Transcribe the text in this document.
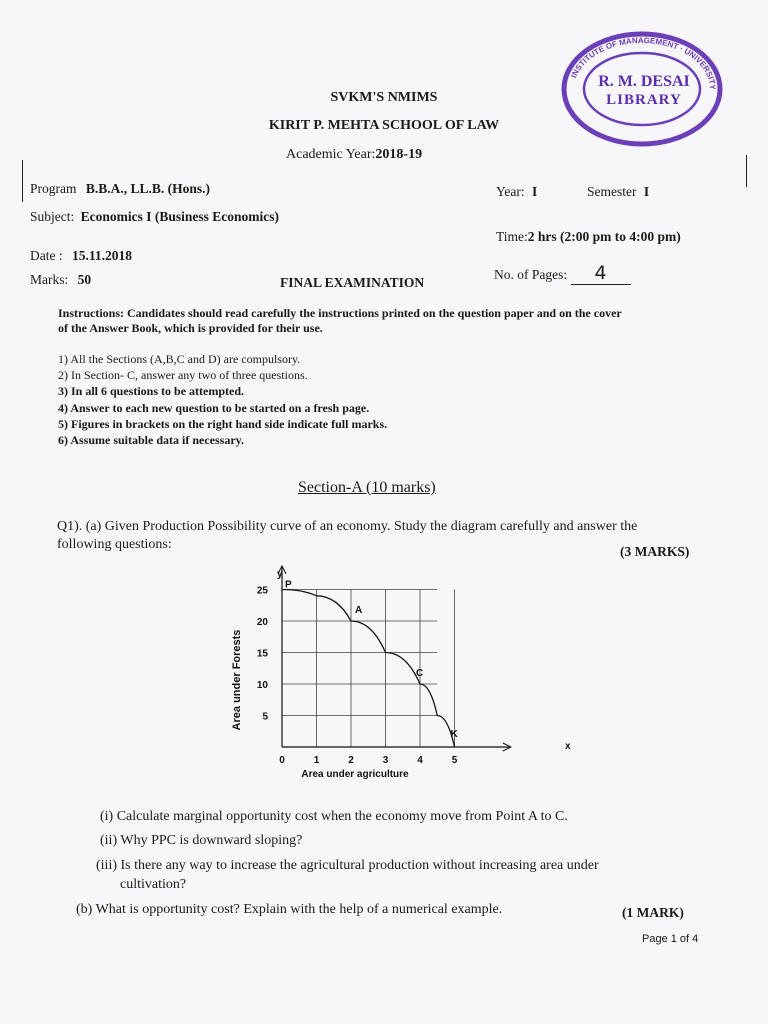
INSTITUTE OF MANAGEMENT · UNIVERSITY
R. M. DESAI
LIBRARY
SVKM'S NMIMS
KIRIT P. MEHTA SCHOOL OF LAW
Academic Year:2018-19
Program B.B.A., LL.B. (Hons.)	Year: I	Semester I
Subject: Economics I (Business Economics)
Time:2 hrs (2:00 pm to 4:00 pm)
Date : 15.11.2018
No. of Pages: 4
Marks: 50	FINAL EXAMINATION
Instructions: Candidates should read carefully the instructions printed on the question paper and on the cover
of the Answer Book, which is provided for their use.
1) All the Sections (A,B,C and D) are compulsory.
2) In Section- C, answer any two of three questions.
3) In all 6 questions to be attempted.
4) Answer to each new question to be started on a fresh page.
5) Figures in brackets on the right hand side indicate full marks.
6) Assume suitable data if necessary.
Section-A (10 marks)
Q1). (a) Given Production Possibility curve of an economy. Study the diagram carefully and answer the
following questions:	(3 MARKS)
0	1	2	3	4	5
5
10
15
20
25
P
A
C
K
Area under agriculture
Area under Forests
x
y
(i) Calculate marginal opportunity cost when the economy move from Point A to C.
(ii) Why PPC is downward sloping?
(iii) Is there any way to increase the agricultural production without increasing area under
cultivation?
(b) What is opportunity cost? Explain with the help of a numerical example.	(1 MARK)
Page 1 of 4
